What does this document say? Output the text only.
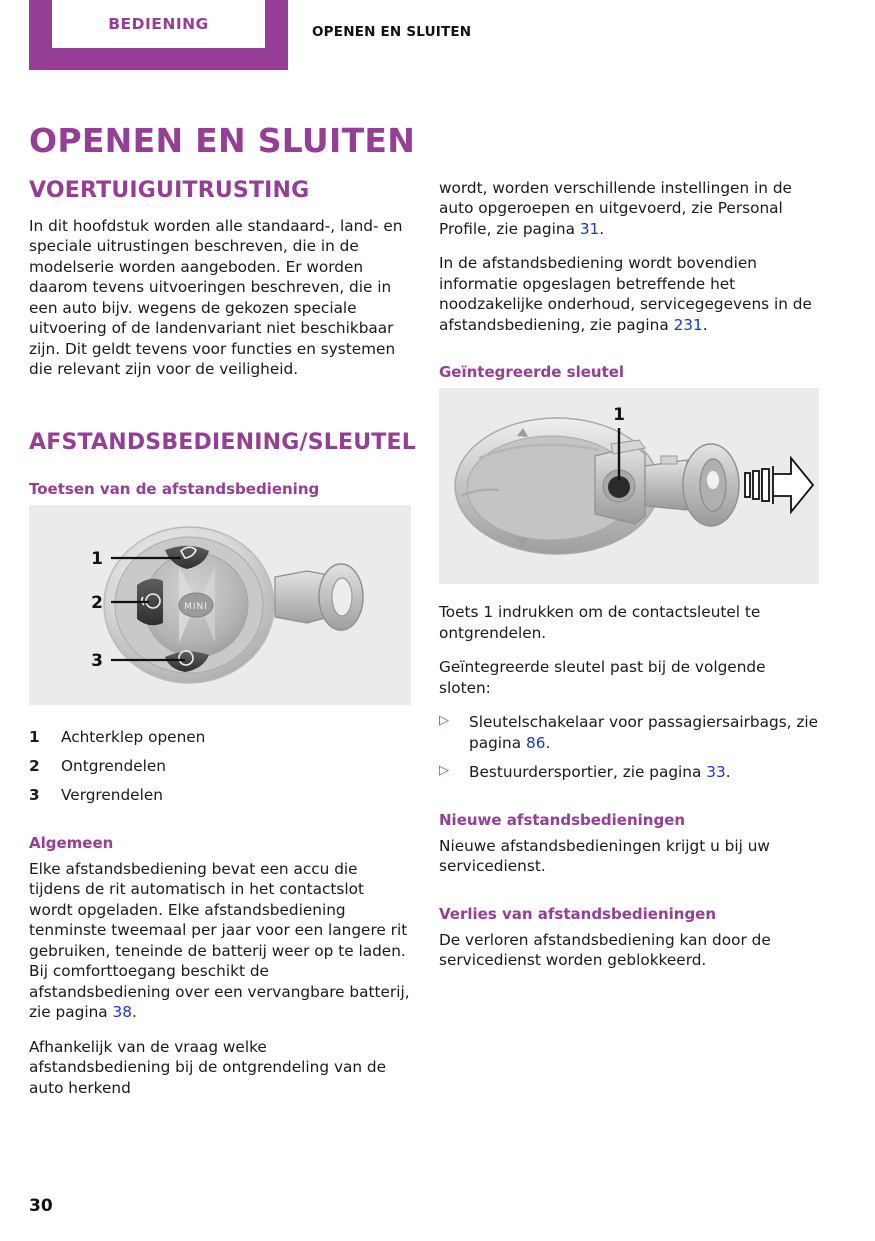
BEDIENING	OPENEN EN SLUITEN
OPENEN EN SLUITEN
VOERTUIGUITRUSTING

In dit hoofdstuk worden alle standaard-, land- en speciale uitrustingen beschreven, die in de modelserie worden aangeboden. Er worden daarom tevens uitvoeringen beschreven, die in een auto bijv. wegens de gekozen speciale uitvoering of de landenvariant niet beschikbaar zijn. Dit geldt tevens voor functies en systemen die relevant zijn voor de veiligheid.

AFSTANDSBEDIENING/SLEUTEL
Toetsen van de afstandsbediening
MINI
1
2
3
1	Achterklep openen
2	Ontgrendelen
3	Vergrendelen
Algemeen

Elke afstandsbediening bevat een accu die tijdens de rit automatisch in het contactslot wordt opgeladen. Elke afstandsbediening tenminste tweemaal per jaar voor een langere rit gebruiken, teneinde de batterij weer op te laden. Bij comforttoegang beschikt de afstandsbediening over een vervangbare batterij, zie pagina 38.

Afhankelijk van de vraag welke afstandsbediening bij de ontgrendeling van de auto herkend

wordt, worden verschillende instellingen in de auto opgeroepen en uitgevoerd, zie Personal Profile, zie pagina 31.

In de afstandsbediening wordt bovendien informatie opgeslagen betreffende het noodzakelijke onderhoud, servicegegevens in de afstandsbediening, zie pagina 231.

Geïntegreerde sleutel
1

Toets 1 indrukken om de contactsleutel te ontgrendelen.

Geïntegreerde sleutel past bij de volgende sloten:

▷	Sleutelschakelaar voor passagiersairbags, zie pagina 86.
▷	Bestuurdersportier, zie pagina 33.
Nieuwe afstandsbedieningen

Nieuwe afstandsbedieningen krijgt u bij uw servicedienst.

Verlies van afstandsbedieningen

De verloren afstandsbediening kan door de servicedienst worden geblokkeerd.

30
